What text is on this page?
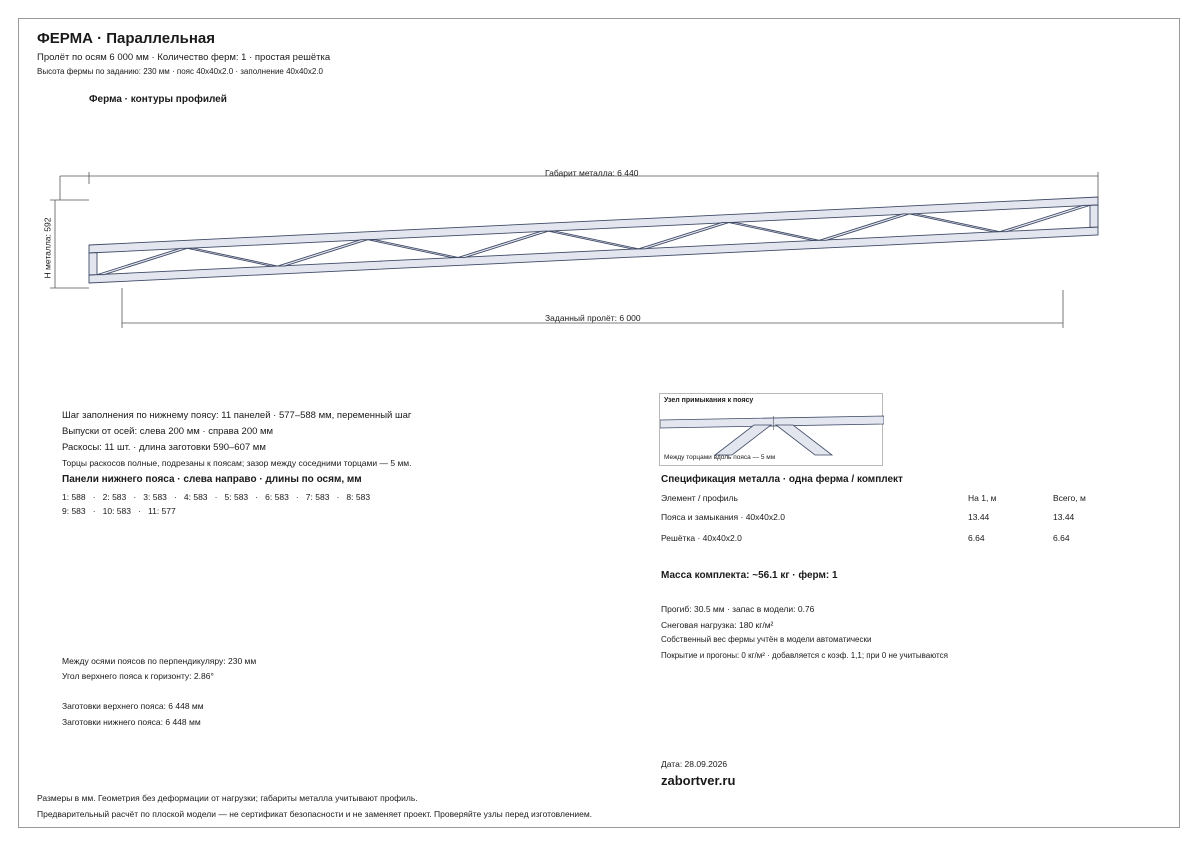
ФЕРМА · Параллельная
Пролёт по осям 6 000 мм · Количество ферм: 1 · простая решётка
Высота фермы по заданию: 230 мм · пояс 40х40х2.0 · заполнение 40х40х2.0
Ферма · контуры профилей
Габарит металла: 6 440
Заданный пролёт: 6 000
Н металла: 592
Шаг заполнения по нижнему поясу: 11 панелей · 577–588 мм, переменный шаг
Выпуски от осей: слева 200 мм · справа 200 мм
Раскосы: 11 шт. · длина заготовки 590–607 мм
Торцы раскосов полные, подрезаны к поясам; зазор между соседними торцами — 5 мм.
Панели нижнего пояса · слева направо · длины по осям, мм
1: 588   ·   2: 583   ·   3: 583   ·   4: 583   ·   5: 583   ·   6: 583   ·   7: 583   ·   8: 583
9: 583   ·   10: 583   ·   11: 577
Между осями поясов по перпендикуляру: 230 мм
Угол верхнего пояса к горизонту: 2.86°
Заготовки верхнего пояса: 6 448 мм
Заготовки нижнего пояса: 6 448 мм
Узел примыкания к поясу
Между торцами вдоль пояса — 5 мм
Спецификация металла · одна ферма / комплект
Элемент / профиль	На 1, м	Всего, м
Пояса и замыкания · 40х40х2.0	13.44	13.44
Решётка · 40х40х2.0	6.64	6.64
Масса комплекта: ~56.1 кг · ферм: 1
Прогиб: 30.5 мм · запас в модели: 0.76
Снеговая нагрузка: 180 кг/м²
Собственный вес фермы учтён в модели автоматически
Покрытие и прогоны: 0 кг/м² · добавляется с коэф. 1,1; при 0 не учитываются
Дата: 28.09.2026
zabortver.ru
Размеры в мм. Геометрия без деформации от нагрузки; габариты металла учитывают профиль.
Предварительный расчёт по плоской модели — не сертификат безопасности и не заменяет проект. Проверяйте узлы перед изготовлением.
